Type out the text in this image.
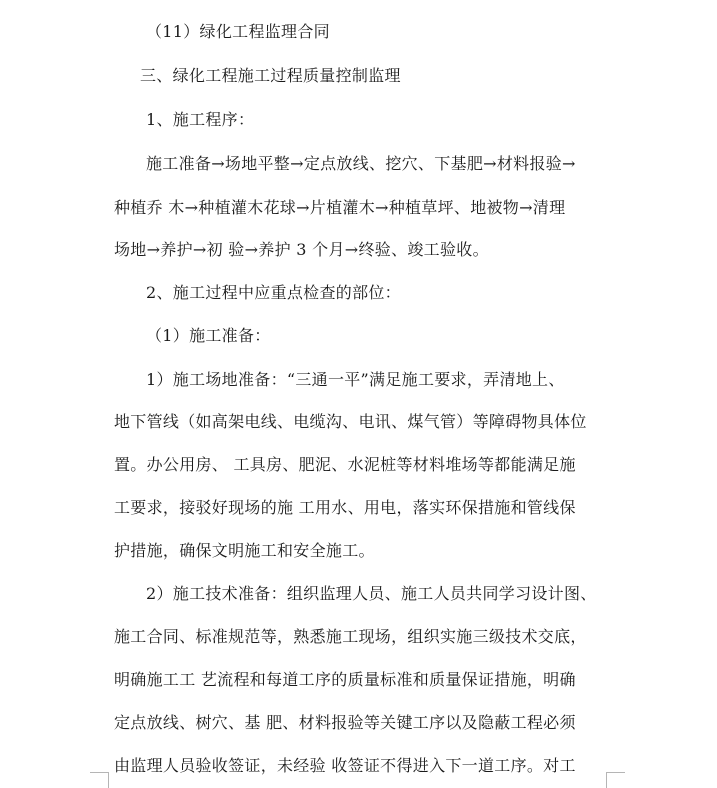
（11）绿化工程监理合同
三、绿化工程施工过程质量控制监理
1、施工程序：
施工准备→场地平整→定点放线、挖穴、下基肥→材料报验→
种植乔 木→种植灌木花球→片植灌木→种植草坪、地被物→清理
场地→养护→初 验→养护 3 个月→终验、竣工验收。
2、施工过程中应重点检查的部位：
（1）施工准备：
1）施工场地准备：“三通一平”满足施工要求，弄清地上、
地下管线（如高架电线、电缆沟、电讯、煤气管）等障碍物具体位
置。办公用房、 工具房、肥泥、水泥桩等材料堆场等都能满足施
工要求，接驳好现场的施 工用水、用电，落实环保措施和管线保
护措施，确保文明施工和安全施工。
2）施工技术准备：组织监理人员、施工人员共同学习设计图、
施工合同、标准规范等，熟悉施工现场，组织实施三级技术交底，
明确施工工 艺流程和每道工序的质量标准和质量保证措施，明确
定点放线、树穴、基 肥、材料报验等关键工序以及隐蔽工程必须
由监理人员验收签证，未经验 收签证不得进入下一道工序。对工
